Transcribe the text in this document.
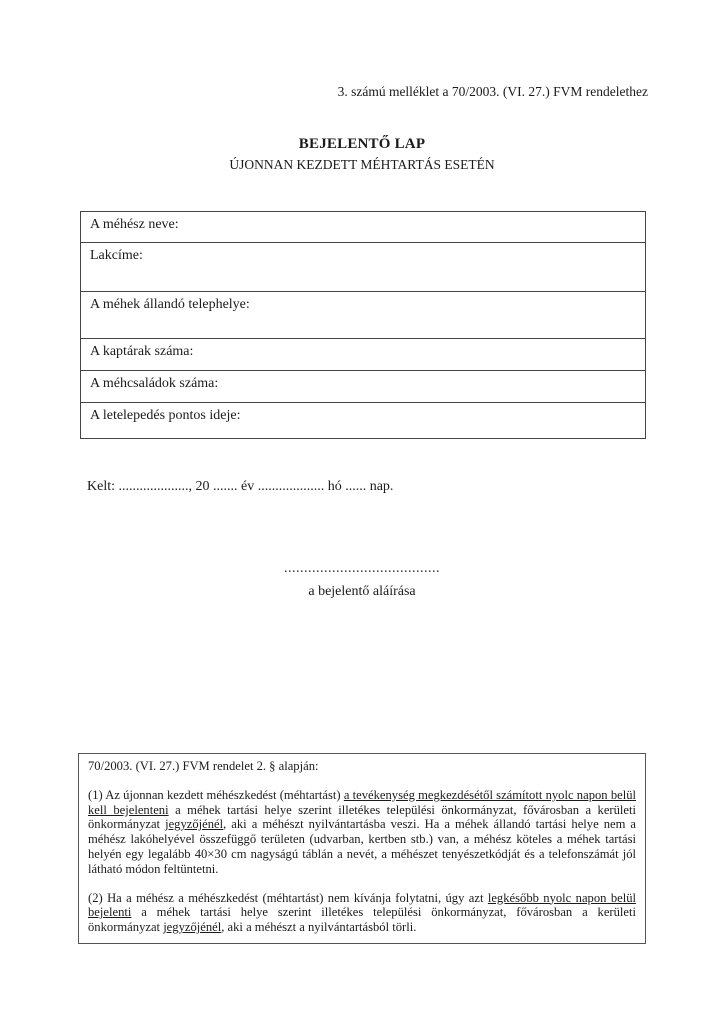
3. számú melléklet a 70/2003. (VI. 27.) FVM rendelethez
BEJELENTŐ LAP
ÚJONNAN KEZDETT MÉHTARTÁS ESETÉN
A méhész neve:
Lakcíme:
A méhek állandó telephelye:
A kaptárak száma:
A méhcsaládok száma:
A letelepedés pontos ideje:
Kelt: ...................., 20 ....... év ................... hó ...... nap.
.......................................
a bejelentő aláírása

70/2003. (VI. 27.) FVM rendelet 2. § alapján:

(1) Az újonnan kezdett méhészkedést (méhtartást) a tevékenység megkezdésétől számított nyolc napon belül kell bejelenteni a méhek tartási helye szerint illetékes települési önkormányzat, fővárosban a kerületi önkormányzat jegyzőjénél, aki a méhészt nyilvántartásba veszi. Ha a méhek állandó tartási helye nem a méhész lakóhelyével összefüggő területen (udvarban, kertben stb.) van, a méhész köteles a méhek tartási helyén egy legalább 40×30 cm nagyságú táblán a nevét, a méhészet tenyészetkódját és a telefonszámát jól látható módon feltüntetni.

(2) Ha a méhész a méhészkedést (méhtartást) nem kívánja folytatni, úgy azt legkésőbb nyolc napon belül bejelenti a méhek tartási helye szerint illetékes települési önkormányzat, fővárosban a kerületi önkormányzat jegyzőjénél, aki a méhészt a nyilvántartásból törli.
